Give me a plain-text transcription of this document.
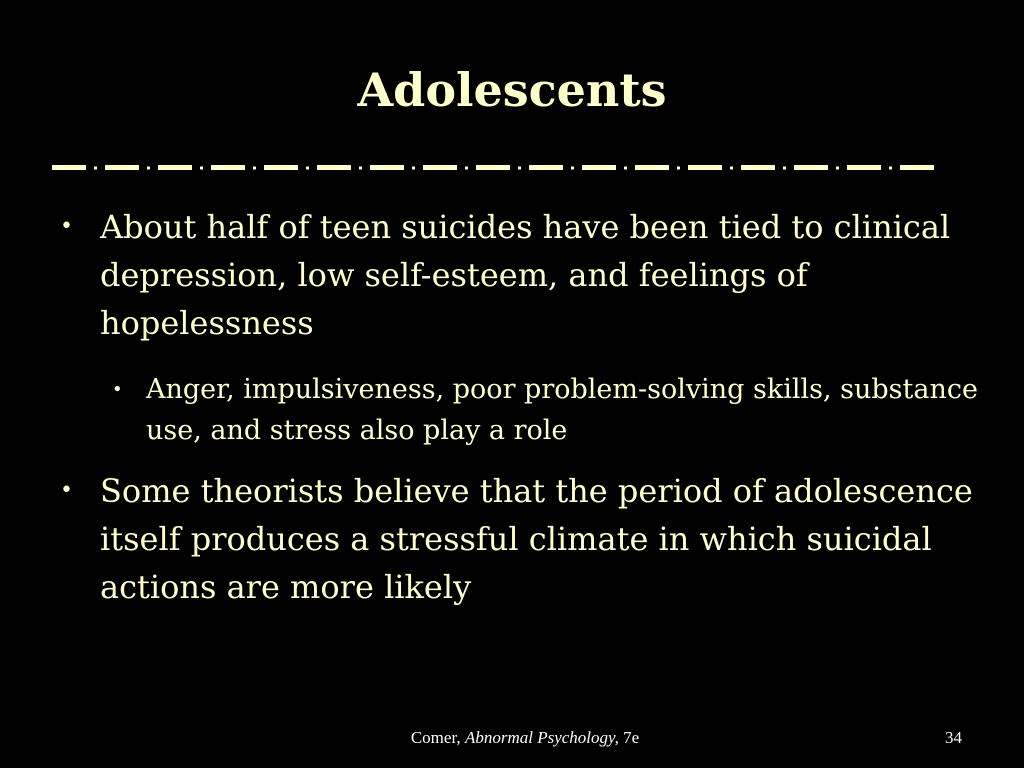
Adolescents
• About half of teen suicides have been tied to clinical depression, low self-esteem, and feelings of hopelessness
• Anger, impulsiveness, poor problem-solving skills, substance use, and stress also play a role
• Some theorists believe that the period of adolescence itself produces a stressful climate in which suicidal actions are more likely
Comer, Abnormal Psychology, 7e	34
